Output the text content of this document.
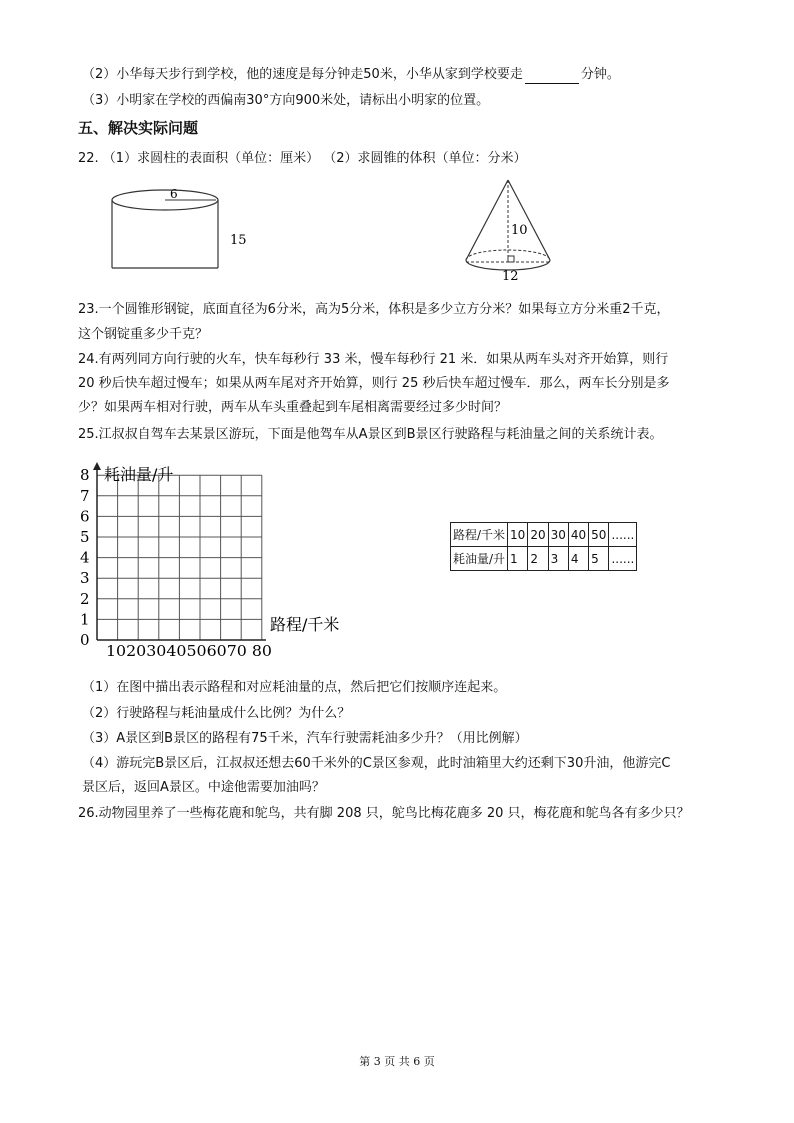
（2）小华每天步行到学校，他的速度是每分钟走50米，小华从家到学校要走	分钟。
（3）小明家在学校的西偏南30°方向900米处，请标出小明家的位置。
五、解决实际问题
22. （1）求圆柱的表面积（单位：厘米） （2）求圆锥的体积（单位：分米）
6
15
10
12
23.一个圆锥形钢锭，底面直径为6分米，高为5分米，体积是多少立方分米？如果每立方分米重2千克，
这个钢锭重多少千克？
24.有两列同方向行驶的火车，快车每秒行 33 米，慢车每秒行 21 米．如果从两车头对齐开始算，则行
20 秒后快车超过慢车；如果从两车尾对齐开始算，则行 25 秒后快车超过慢车．那么，两车长分别是多
少？如果两车相对行驶，两车从车头重叠起到车尾相离需要经过多少时间？
25.江叔叔自驾车去某景区游玩，下面是他驾车从A景区到B景区行驶路程与耗油量之间的关系统计表。
0
1
2
3
4
5
6
7
8 耗油量/升
路程/千米
10203040506070 80
路程/千米	10	20	30	40	50	......
耗油量/升	1	2	3	4	5	......
（1）在图中描出表示路程和对应耗油量的点，然后把它们按顺序连起来。
（2）行驶路程与耗油量成什么比例？为什么？
（3）A景区到B景区的路程有75千米，汽车行驶需耗油多少升？（用比例解）
（4）游玩完B景区后，江叔叔还想去60千米外的C景区参观，此时油箱里大约还剩下30升油，他游完C
景区后，返回A景区。中途他需要加油吗？
26.动物园里养了一些梅花鹿和鸵鸟，共有脚 208 只，鸵鸟比梅花鹿多 20 只，梅花鹿和鸵鸟各有多少只？
第 3 页 共 6 页
